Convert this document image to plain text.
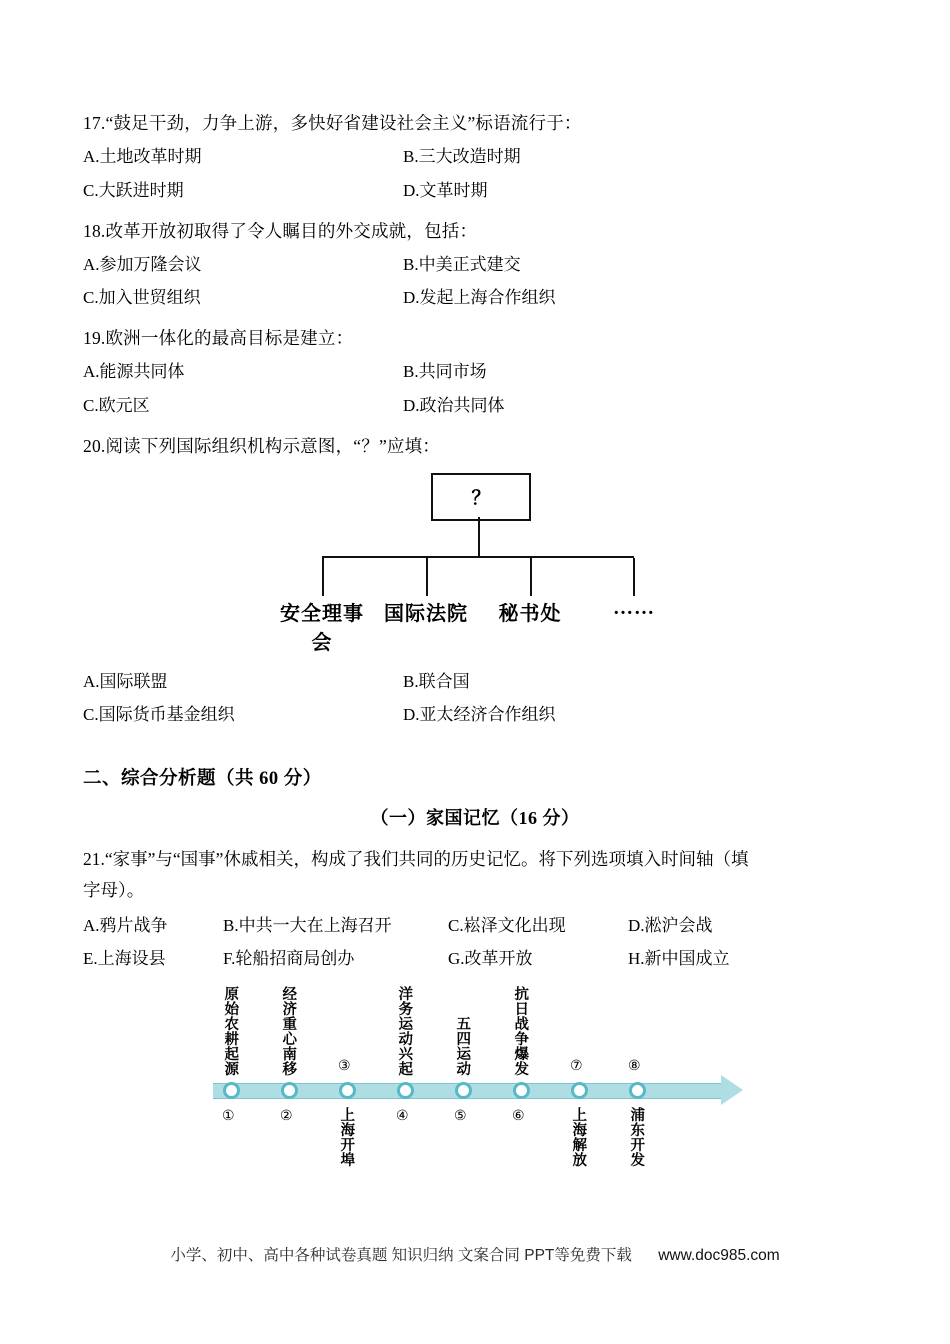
17.“鼓足干劲，力争上游，多快好省建设社会主义”标语流行于：

A.土地改革时期	B.三大改造时期
C.大跃进时期	D.文革时期

18.改革开放初取得了令人瞩目的外交成就，包括：

A.参加万隆会议	B.中美正式建交
C.加入世贸组织	D.发起上海合作组织

19.欧洲一体化的最高目标是建立：

A.能源共同体	B.共同市场
C.欧元区	D.政治共同体

20.阅读下列国际组织机构示意图，“？”应填：

？
安全理事会
国际法院	秘书处	……
A.国际联盟	B.联合国
C.国际货币基金组织	D.亚太经济合作组织
二、综合分析题（共 60 分）
（一）家国记忆（16 分）

21.“家事”与“国事”休戚相关，构成了我们共同的历史记忆。将下列选项填入时间轴（填

字母）。

A.鸦片战争	B.中共一大在上海召开	C.崧泽文化出现	D.淞沪会战
E.上海设县	F.轮船招商局创办	G.改革开放	H.新中国成立
原始农耕起源	经济重心南移	③	洋务运动兴起	五四运动	抗日战争爆发	⑦	⑧
①	②	上海开埠	④	⑤	⑥	上海解放	浦东开发
小学、初中、高中各种试卷真题 知识归纳 文案合同 PPT等免费下载 www.doc985.com
